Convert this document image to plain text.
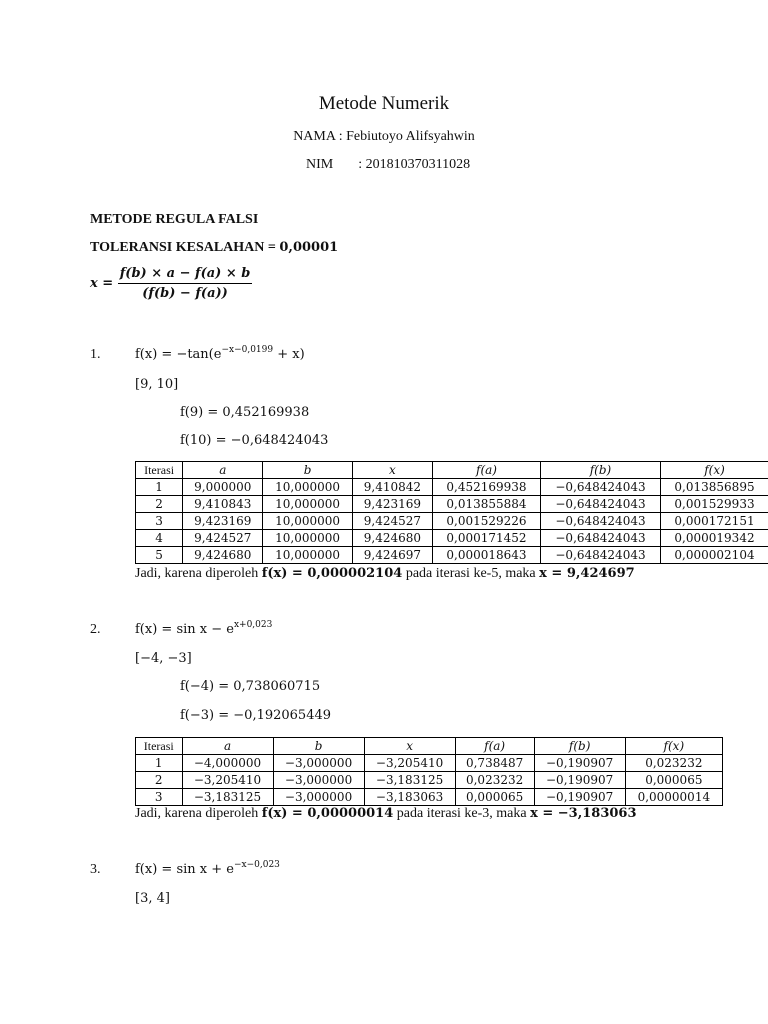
Metode Numerik
NAMA : Febiutoyo Alifsyahwin
NIM : 201810370311028
METODE REGULA FALSI
TOLERANSI KESALAHAN = 0,00001
$x = \frac{f(b) \times a - f(a) \times b}{(f(b) - f(a))}$
1.	$f(x) = -\tan(e^{-x-0,0199} + x)$
[9, 10]
f(9) = 0,452169938
f(10) = −0,648424043
Iterasi	a	b	x	f(a)	f(b)	f(x)
1	9,000000	10,000000	9,410842	0,452169938	−0,648424043	0,013856895
2	9,410843	10,000000	9,423169	0,013855884	−0,648424043	0,001529933
3	9,423169	10,000000	9,424527	0,001529226	−0,648424043	0,000172151
4	9,424527	10,000000	9,424680	0,000171452	−0,648424043	0,000019342
5	9,424680	10,000000	9,424697	0,000018643	−0,648424043	0,000002104
Jadi, karena diperoleh f(x) = 0,000002104 pada iterasi ke-5, maka x = 9,424697
2.	$f(x) = \sin x - e^{x+0,023}$
[−4, −3]
f(−4) = 0,738060715
f(−3) = −0,192065449
Iterasi	a	b	x	f(a)	f(b)	f(x)
1	−4,000000	−3,000000	−3,205410	0,738487	−0,190907	0,023232
2	−3,205410	−3,000000	−3,183125	0,023232	−0,190907	0,000065
3	−3,183125	−3,000000	−3,183063	0,000065	−0,190907	0,00000014
Jadi, karena diperoleh f(x) = 0,00000014 pada iterasi ke-3, maka x = −3,183063
3.	$f(x) = \sin x + e^{-x-0,023}$
[3, 4]
